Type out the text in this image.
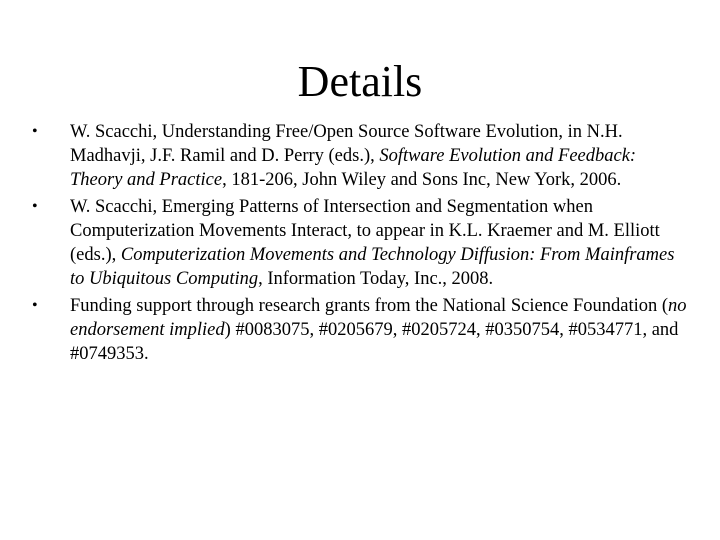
Details
•	W. Scacchi, Understanding Free/Open Source Software Evolution, in N.H. Madhavji, J.F. Ramil and D. Perry (eds.), Software Evolution and Feedback: Theory and Practice, 181-206, John Wiley and Sons Inc, New York, 2006.
•	W. Scacchi, Emerging Patterns of Intersection and Segmentation when Computerization Movements Interact, to appear in K.L. Kraemer and M. Elliott (eds.), Computerization Movements and Technology Diffusion: From Mainframes to Ubiquitous Computing, Information Today, Inc., 2008.
•	Funding support through research grants from the National Science Foundation (no endorsement implied) #0083075, #0205679, #0205724, #0350754, #0534771, and #0749353.
